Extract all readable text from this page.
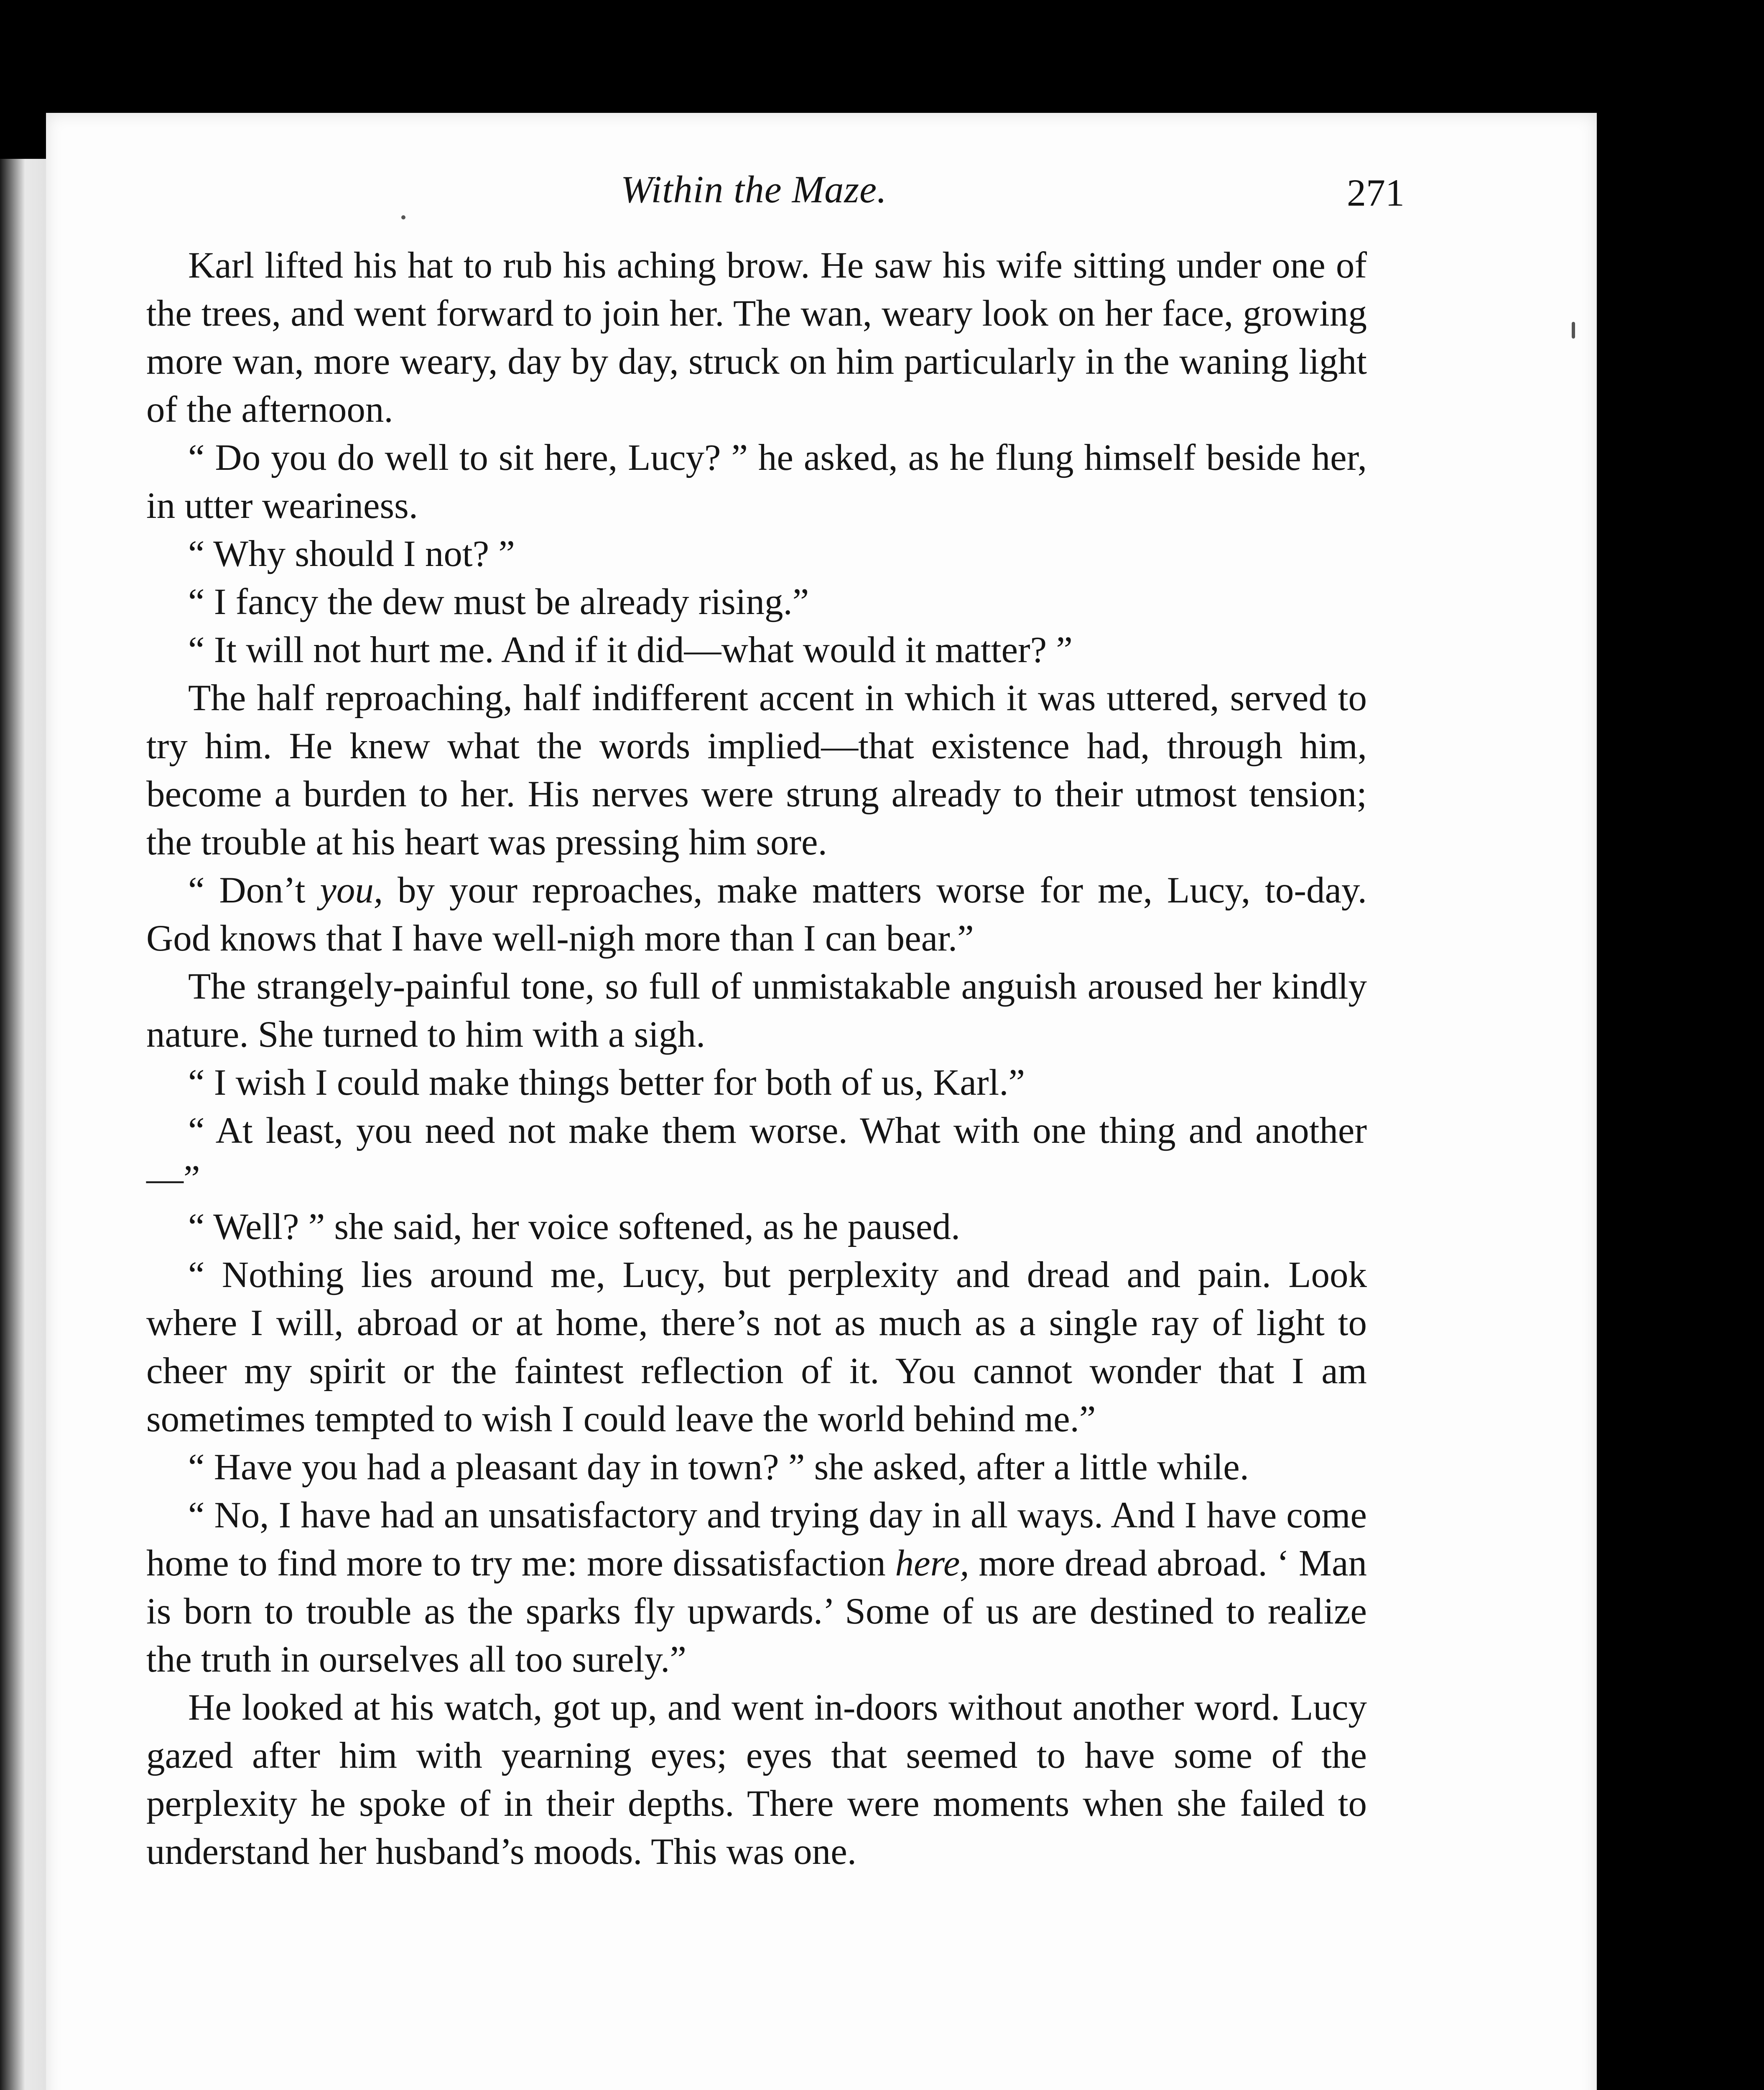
Within the Maze.	271

Karl lifted his hat to rub his aching brow. He saw his wife sitting under one of the trees, and went forward to join her. The wan, weary look on her face, growing more wan, more weary, day by day, struck on him particularly in the waning light of the afternoon.

“ Do you do well to sit here, Lucy? ” he asked, as he flung himself beside her, in utter weariness.

“ Why should I not? ”

“ I fancy the dew must be already rising.”

“ It will not hurt me. And if it did—what would it matter? ”

The half reproaching, half indifferent accent in which it was uttered, served to try him. He knew what the words implied—that existence had, through him, become a burden to her. His nerves were strung already to their utmost tension; the trouble at his heart was pressing him sore.

“ Don’t you, by your reproaches, make matters worse for me, Lucy, to-day. God knows that I have well-nigh more than I can bear.”

The strangely-painful tone, so full of unmistakable anguish aroused her kindly nature. She turned to him with a sigh.

“ I wish I could make things better for both of us, Karl.”

“ At least, you need not make them worse. What with one thing and another—”

“ Well? ” she said, her voice softened, as he paused.

“ Nothing lies around me, Lucy, but perplexity and dread and pain. Look where I will, abroad or at home, there’s not as much as a single ray of light to cheer my spirit or the faintest reflection of it. You cannot wonder that I am sometimes tempted to wish I could leave the world behind me.”

“ Have you had a pleasant day in town? ” she asked, after a little while.

“ No, I have had an unsatisfactory and trying day in all ways. And I have come home to find more to try me: more dissatisfaction here, more dread abroad. ‘ Man is born to trouble as the sparks fly upwards.’ Some of us are destined to realize the truth in ourselves all too surely.”

He looked at his watch, got up, and went in-doors without another word. Lucy gazed after him with yearning eyes; eyes that seemed to have some of the perplexity he spoke of in their depths. There were moments when she failed to understand her husband’s moods. This was one.
